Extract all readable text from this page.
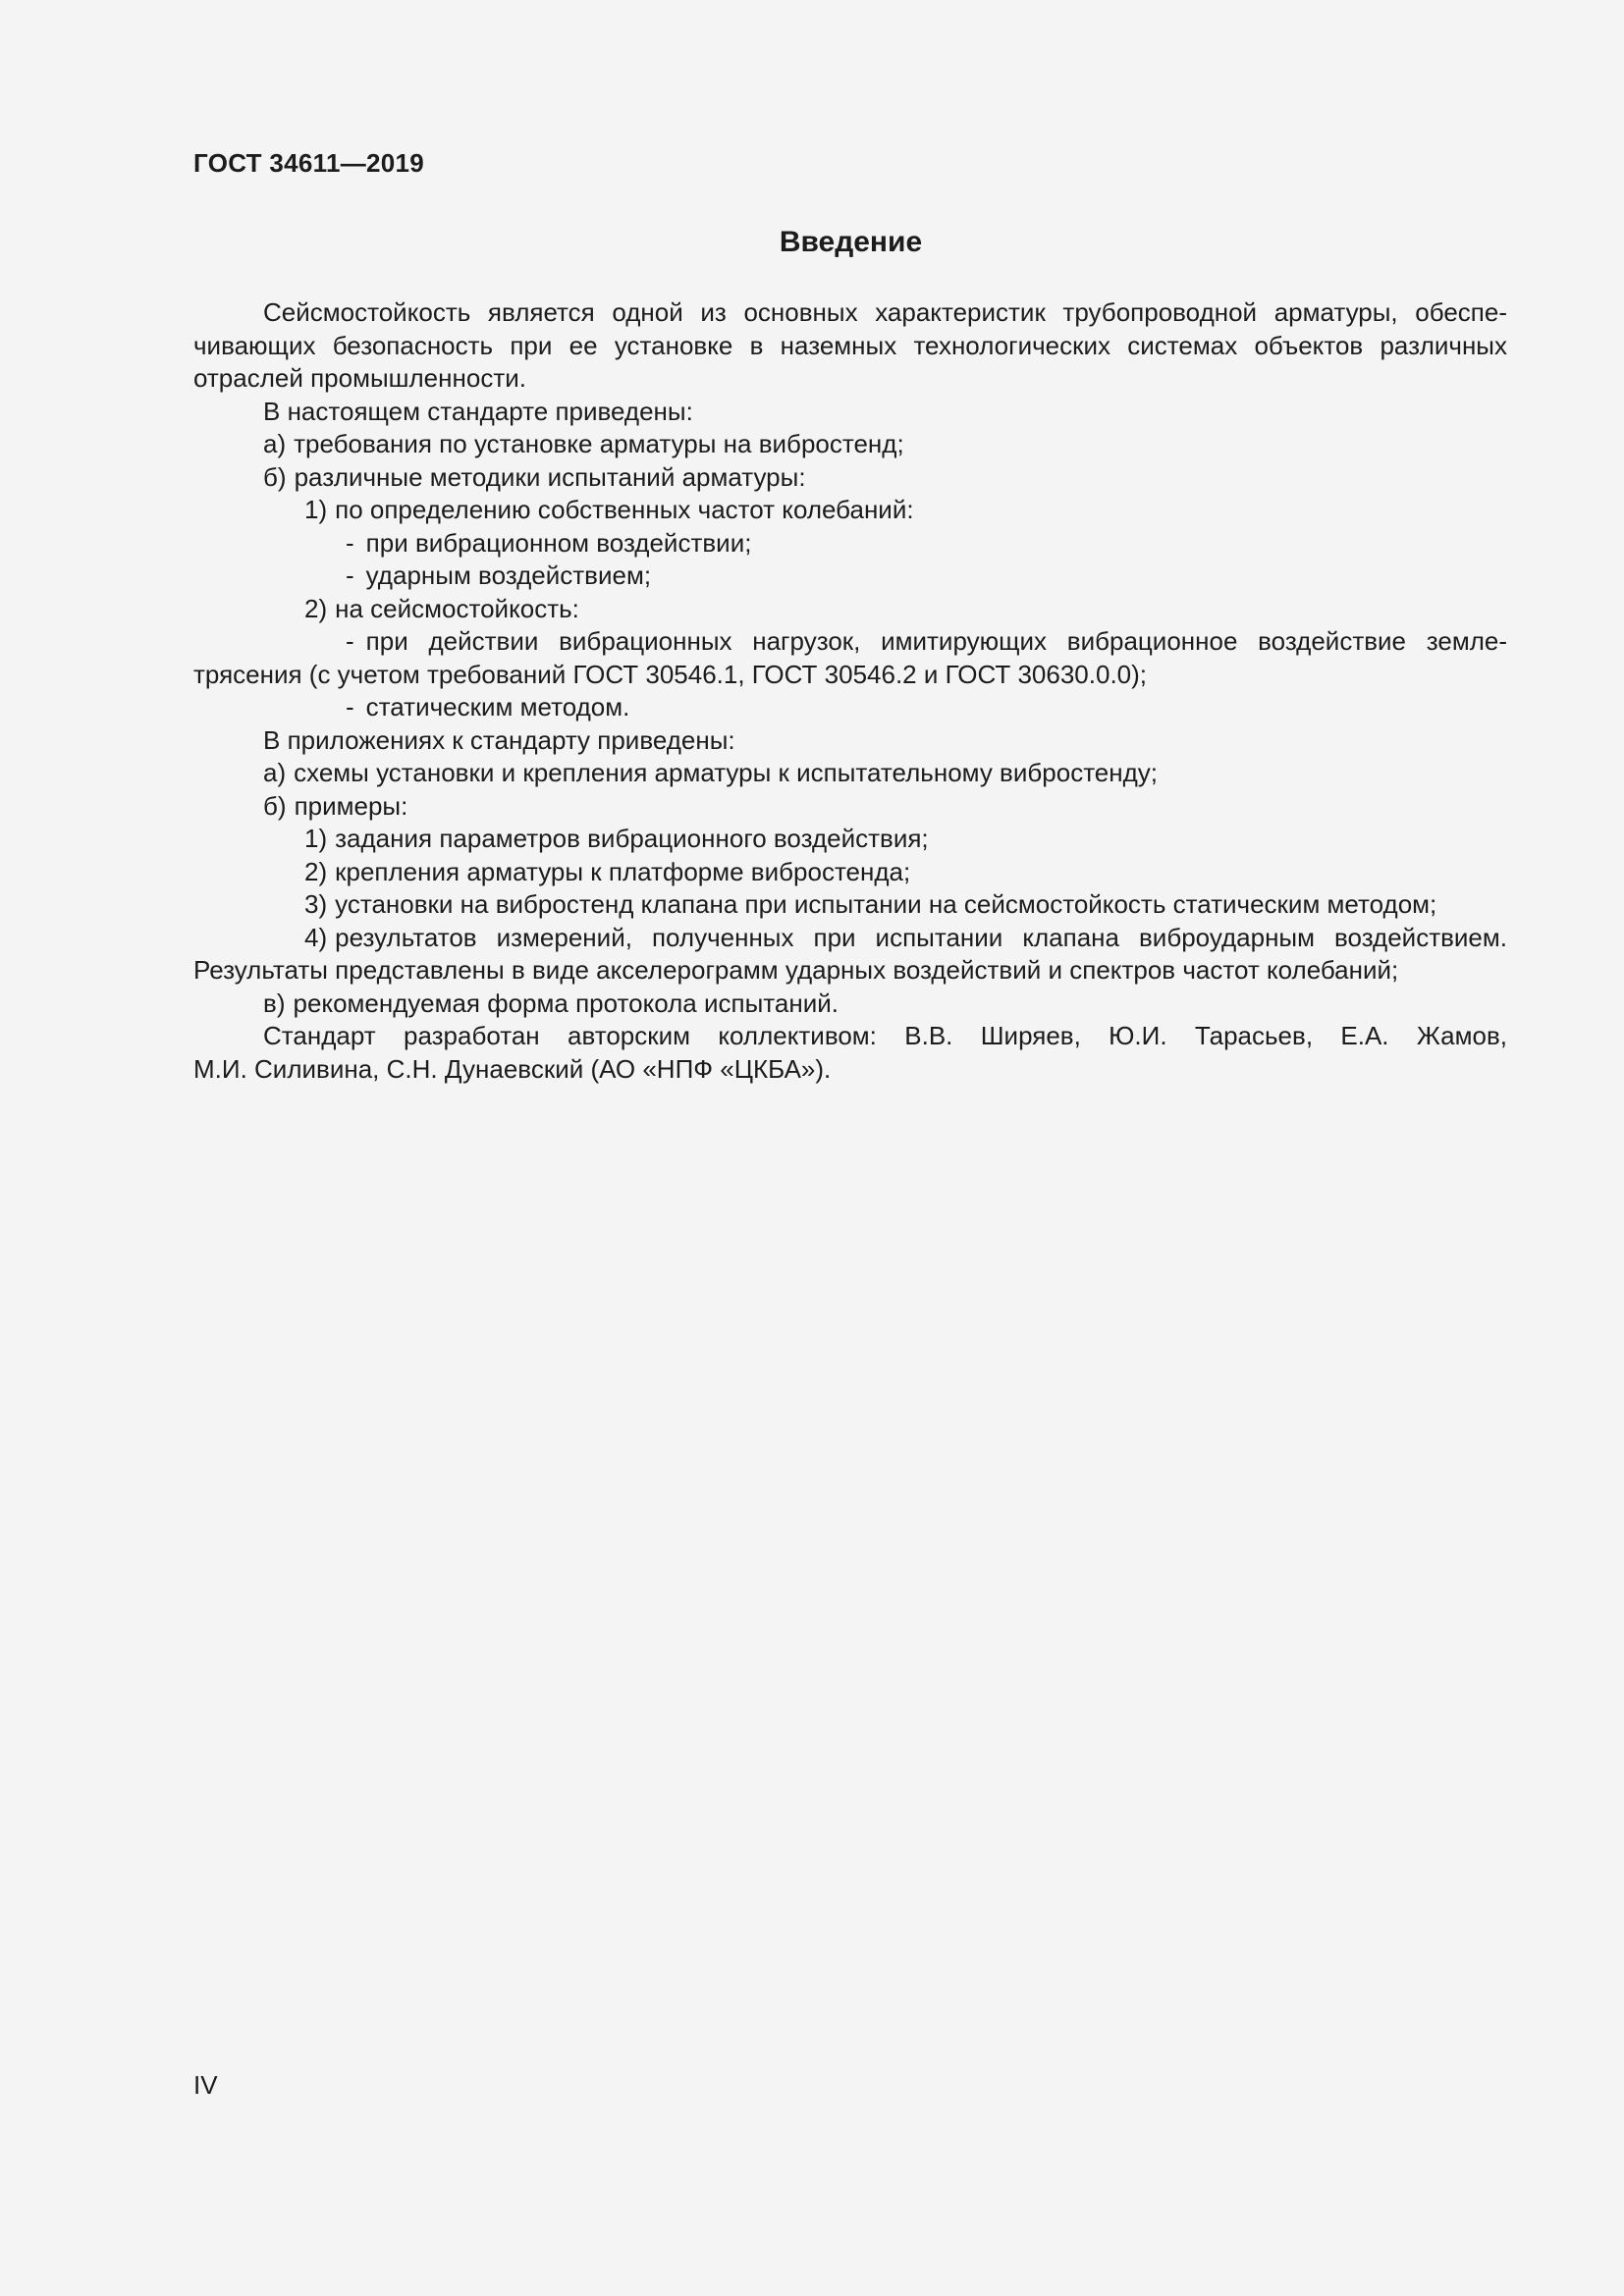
ГОСТ 34611—2019
Введение
Сейсмостойкость является одной из основных характеристик трубопроводной арматуры, обеспе-
чивающих безопасность при ее установке в наземных технологических системах объектов различных
отраслей промышленности.
В настоящем стандарте приведены:
а) требования по установке арматуры на вибростенд;
б) различные методики испытаний арматуры:
1) по определению собственных частот колебаний:
- при вибрационном воздействии;
- ударным воздействием;
2) на сейсмостойкость:
- при действии вибрационных нагрузок, имитирующих вибрационное воздействие земле-
трясения (с учетом требований ГОСТ 30546.1, ГОСТ 30546.2 и ГОСТ 30630.0.0);
- статическим методом.
В приложениях к стандарту приведены:
а) схемы установки и крепления арматуры к испытательному вибростенду;
б) примеры:
1) задания параметров вибрационного воздействия;
2) крепления арматуры к платформе вибростенда;
3) установки на вибростенд клапана при испытании на сейсмостойкость статическим методом;
4) результатов измерений, полученных при испытании клапана виброударным воздействием.
Результаты представлены в виде акселерограмм ударных воздействий и спектров частот колебаний;
в) рекомендуемая форма протокола испытаний.
Стандарт разработан авторским коллективом: В.В. Ширяев, Ю.И. Тарасьев, Е.А. Жамов,
М.И. Силивина, С.Н. Дунаевский (АО «НПФ «ЦКБА»).
IV
